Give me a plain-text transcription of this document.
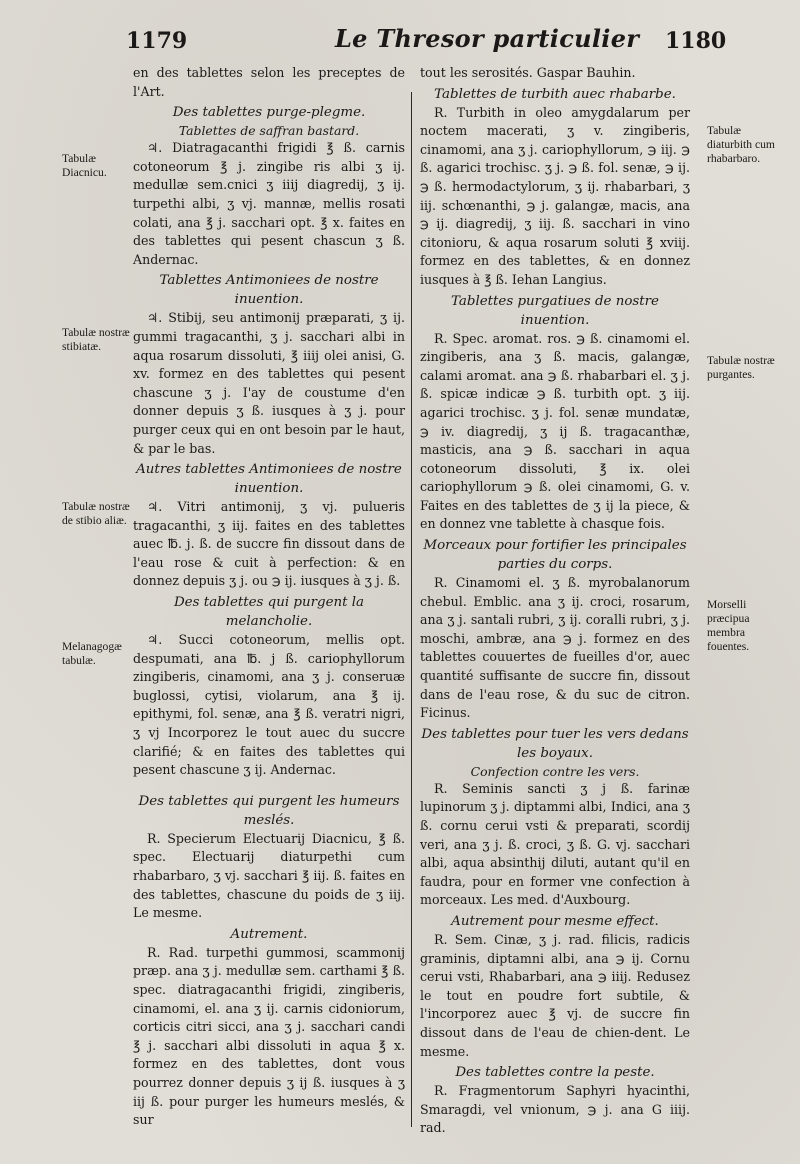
1179	Le Thresor particulier 1180

en des tablettes selon les preceptes de l'Art.

Des tablettes purge-plegme.

Tablettes de saffran bastard.

♃. Diatragacanthi frigidi ℥ ß. carnis cotoneorum ℥ j. zingibe ris albi ʒ ij. medullæ sem.cnici ʒ iiij diagredij, ʒ ij. turpethi albi, ʒ vj. mannæ, mellis rosati colati, ana ℥ j. sacchari opt. ℥ x. faites en des tablettes qui pesent chascun ʒ ß. Andernac.

Tablettes Antimoniees de nostre inuention.

♃. Stibij, seu antimonij præparati, ʒ ij. gummi tragacanthi, ʒ j. sacchari albi in aqua rosarum dissoluti, ℥ iiij olei anisi, G. xv. formez en des tablettes qui pesent chascune ʒ j. I'ay de coustume d'en donner depuis ʒ ß. iusques à ʒ j. pour purger ceux qui en ont besoin par le haut, & par le bas.

Autres tablettes Antimoniees de nostre inuention.

♃. Vitri antimonij, ʒ vj. pulueris tragacanthi, ʒ iij. faites en des tablettes auec ℔. j. ß. de succre fin dissout dans de l'eau rose & cuit à perfection: & en donnez depuis ʒ j. ou ℈ ij. iusques à ʒ j. ß.

Des tablettes qui purgent la melancholie.

♃. Succi cotoneorum, mellis opt. despumati, ana ℔. j ß. cariophyllorum zingiberis, cinamomi, ana ʒ j. conseruæ buglossi, cytisi, violarum, ana ℥ ij. epithymi, fol. senæ, ana ℥ ß. veratri nigri, ʒ vj Incorporez le tout auec du succre clarifié; & en faites des tablettes qui pesent chascune ʒ ij. Andernac.

Des tablettes qui purgent les humeurs meslés.

R. Specierum Electuarij Diacnicu, ℥ ß. spec. Electuarij diaturpethi cum rhabarbaro, ʒ vj. sacchari ℥ iij. ß. faites en des tablettes, chascune du poids de ʒ iij. Le mesme.

Autrement.

R. Rad. turpethi gummosi, scammonij præp. ana ʒ j. medullæ sem. carthami ℥ ß. spec. diatragacanthi frigidi, zingiberis, cinamomi, el. ana ʒ ij. carnis cidoniorum, corticis citri sicci, ana ʒ j. sacchari candi ℥ j. sacchari albi dissoluti in aqua ℥ x. formez en des tablettes, dont vous pourrez donner depuis ʒ ij ß. iusques à ʒ iij ß. pour purger les humeurs meslés, & sur

tout les serosités. Gaspar Bauhin.

Tablettes de turbith auec rhabarbe.

R. Turbith in oleo amygdalarum per noctem macerati, ʒ v. zingiberis, cinamomi, ana ʒ j. cariophyllorum, ℈ iij. ℈ ß. agarici trochisc. ʒ j. ℈ ß. fol. senæ, ℈ ij. ℈ ß. hermodactylorum, ʒ ij. rhabarbari, ʒ iij. schœnanthi, ℈ j. galangæ, macis, ana ℈ ij. diagredij, ʒ iij. ß. sacchari in vino citonioru, & aqua rosarum soluti ℥ xviij. formez en des tablettes, & en donnez iusques à ℥ ß. Iehan Langius.

Tablettes purgatiues de nostre inuention.

R. Spec. aromat. ros. ℈ ß. cinamomi el. zingiberis, ana ʒ ß. macis, galangæ, calami aromat. ana ℈ ß. rhabarbari el. ʒ j. ß. spicæ indicæ ℈ ß. turbith opt. ʒ iij. agarici trochisc. ʒ j. fol. senæ mundatæ, ℈ iv. diagredij, ʒ ij ß. tragacanthæ, masticis, ana ℈ ß. sacchari in aqua cotoneorum dissoluti, ℥ ix. olei cariophyllorum ℈ ß. olei cinamomi, G. v. Faites en des tablettes de ʒ ij la piece, & en donnez vne tablette à chasque fois.

Morceaux pour fortifier les principales parties du corps.

R. Cinamomi el. ʒ ß. myrobalanorum chebul. Emblic. ana ʒ ij. croci, rosarum, ana ʒ j. santali rubri, ʒ ij. coralli rubri, ʒ j. moschi, ambræ, ana ℈ j. formez en des tablettes couuertes de fueilles d'or, auec quantité suffisante de succre fin, dissout dans de l'eau rose, & du suc de citron. Ficinus.

Des tablettes pour tuer les vers dedans les boyaux.

Confection contre les vers.

R. Seminis sancti ʒ j ß. farinæ lupinorum ʒ j. diptammi albi, Indici, ana ʒ ß. cornu cerui vsti & preparati, scordij veri, ana ʒ j. ß. croci, ʒ ß. G. vj. sacchari albi, aqua absinthij diluti, autant qu'il en faudra, pour en former vne confection à morceaux. Les med. d'Auxbourg.

Autrement pour mesme effect.

R. Sem. Cinæ, ʒ j. rad. filicis, radicis graminis, diptamni albi, ana ℈ ij. Cornu cerui vsti, Rhabarbari, ana ℈ iiij. Redusez le tout en poudre fort subtile, & l'incorporez auec ℥ vj. de succre fin dissout dans de l'eau de chien-dent. Le mesme.

Des tablettes contre la peste.

R. Fragmentorum Saphyri hyacinthi, Smaragdi, vel vnionum, ℈ j. ana G iiij. rad.

Tabulæ Diacnicu.
Tabulæ nostræ stibiatæ.
Tabulæ nostræ de stibio aliæ.
Melanagogæ tabulæ.
Tabulæ diaturbith cum rhabarbaro.
Tabulæ nostræ purgantes.
Morselli præcipua membra fouentes.
